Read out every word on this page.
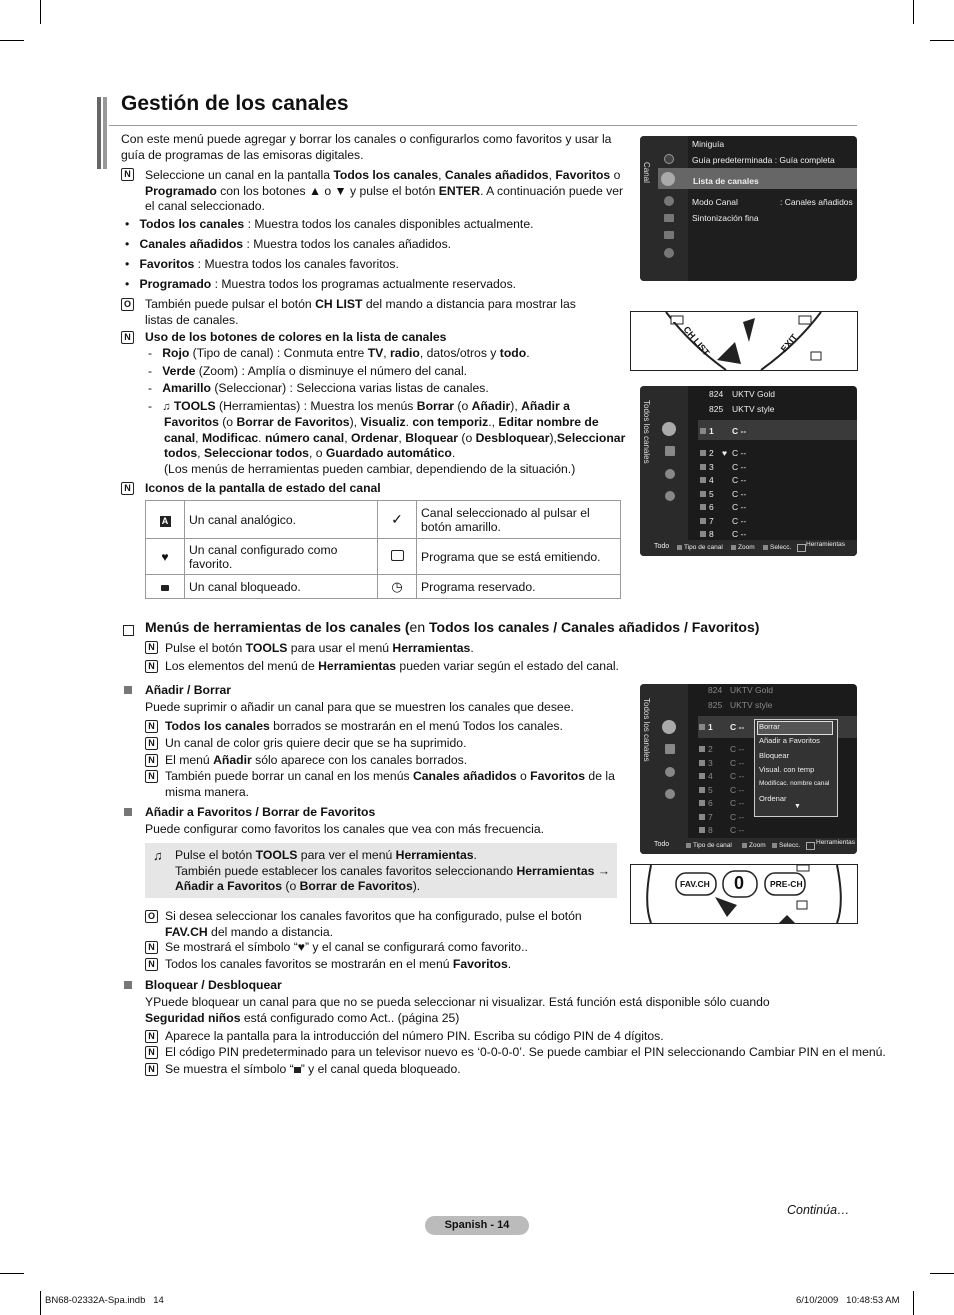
Gestión de los canales
Con este menú puede agregar y borrar los canales o configurarlos como favoritos y usar la guía de programas de las emisoras digitales.
N Seleccione un canal en la pantalla Todos los canales, Canales añadidos, Favoritos o Programado con los botones ▲ o ▼ y pulse el botón ENTER. A continuación puede ver el canal seleccionado.
•   Todos los canales : Muestra todos los canales disponibles actualmente.
•   Canales añadidos : Muestra todos los canales añadidos.
•   Favoritos : Muestra todos los canales favoritos.
•   Programado : Muestra todos los programas actualmente reservados.
O También puede pulsar el botón CH LIST del mando a distancia para mostrar las listas de canales.
N Uso de los botones de colores en la lista de canales
-   Rojo (Tipo de canal) : Conmuta entre TV, radio, datos/otros y todo.
-   Verde (Zoom) : Amplía o disminuye el número del canal.
-   Amarillo (Seleccionar) : Selecciona varias listas de canales.
-   ♫ TOOLS (Herramientas) : Muestra los menús Borrar (o Añadir), Añadir a
Favoritos (o Borrar de Favoritos), Visualiz. con temporiz., Editar nombre de
canal, Modificac. número canal, Ordenar, Bloquear (o Desbloquear),Seleccionar
todos, Seleccionar todos, o Guardado automático.
(Los menús de herramientas pueden cambiar, dependiendo de la situación.)
N Iconos de la pantalla de estado del canal
A	Un canal analógico.	✓	Canal seleccionado al pulsar el botón amarillo.
♥	Un canal configurado como favorito.		Programa que se está emitiendo.
	Un canal bloqueado.	◷	Programa reservado.
Menús de herramientas de los canales (en Todos los canales / Canales añadidos / Favoritos)
N Pulse el botón TOOLS para usar el menú Herramientas.
N Los elementos del menú de Herramientas pueden variar según el estado del canal.
Añadir / Borrar
Puede suprimir o añadir un canal para que se muestren los canales que desee.
N Todos los canales borrados se mostrarán en el menú Todos los canales.
N Un canal de color gris quiere decir que se ha suprimido.
N El menú Añadir sólo aparece con los canales borrados.
N También puede borrar un canal en los menús Canales añadidos o Favoritos de la misma manera.
Añadir a Favoritos / Borrar de Favoritos
Puede configurar como favoritos los canales que vea con más frecuencia.
♫ Pulse el botón TOOLS para ver el menú Herramientas.
También puede establecer los canales favoritos seleccionando Herramientas →
Añadir a Favoritos (o Borrar de Favoritos).
O Si desea seleccionar los canales favoritos que ha configurado, pulse el botón FAV.CH del mando a distancia.
N Se mostrará el símbolo “♥” y el canal se configurará como favorito..
N Todos los canales favoritos se mostrarán en el menú Favoritos.
Bloquear / Desbloquear
YPuede bloquear un canal para que no se pueda seleccionar ni visualizar. Está función está disponible sólo cuando
Seguridad niños está configurado como Act.. (página 25)
N Aparece la pantalla para la introducción del número PIN. Escriba su código PIN de 4 dígitos.
N El código PIN predeterminado para un televisor nuevo es ‘0-0-0-0’. Se puede cambiar el PIN seleccionando Cambiar PIN en el menú.
N Se muestra el símbolo “ ” y el canal queda bloqueado.
Canal
Miniguía
Guía predeterminada : Guía completa
Lista de canales
Modo Canal	: Canales añadidos
Sintonización fina
CH LIST	EXIT
Todos los canales
Todo Tipo de canal Zoom Selecc. Herramientas
824 UKTV Gold
825 UKTV style
1 C --
2 C --
♥
3 C --
4 C --
5 C --
6 C --
7 C --
8 C --
Todos los canales	Borrar
Añadir a Favoritos
Bloquear
Visual. con temp
Modificac. nombre canal
Ordenar
▼
Todo	Tipo de canal	Zoom Selecc. Herramientas
824 UKTV Gold
825 UKTV style
1 C --
2 C --
3 C --
4 C --
5 C --
6 C --
7 C --
8 C --
FAV.CH 0	PRE-CH
Continúa…
Spanish - 14
BN68-02332A-Spa.indb   14	6/10/2009   10:48:53 AM
